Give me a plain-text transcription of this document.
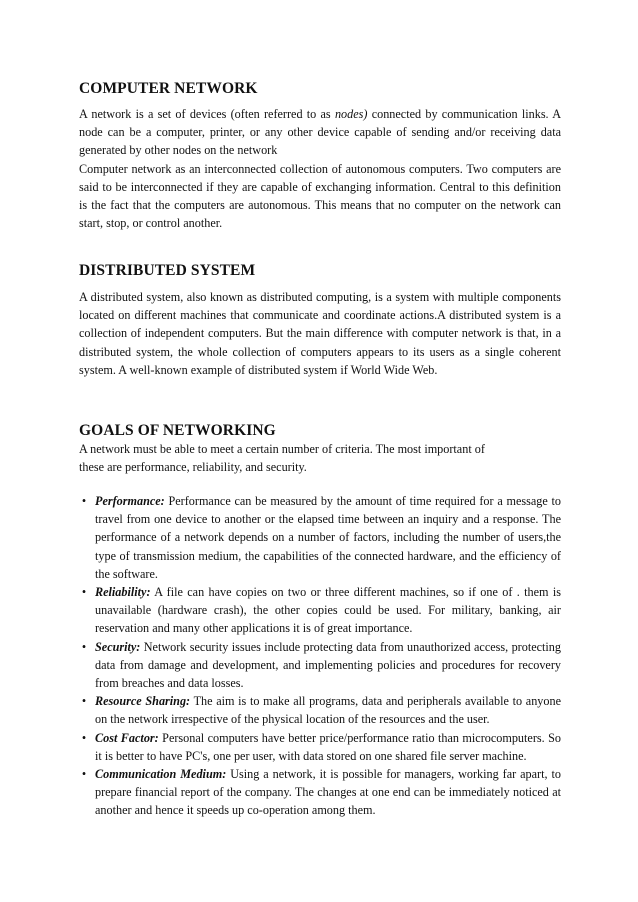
COMPUTER NETWORK

A network is a set of devices (often referred to as nodes) connected by communication links. A node can be a computer, printer, or any other device capable of sending and/or receiving data generated by other nodes on the network

Computer network as an interconnected collection of autonomous computers. Two computers are said to be interconnected if they are capable of exchanging information. Central to this definition is the fact that the computers are autonomous. This means that no computer on the network can start, stop, or control another.

DISTRIBUTED SYSTEM

A distributed system, also known as distributed computing, is a system with multiple components located on different machines that communicate and coordinate actions.A distributed system is a collection of independent computers. But the main difference with computer network is that, in a distributed system, the whole collection of computers appears to its users as a single coherent system. A well-known example of distributed system if World Wide Web.

GOALS OF NETWORKING

A network must be able to meet a certain number of criteria. The most important of

these are performance, reliability, and security.

• Performance: Performance can be measured by the amount of time required for a message to travel from one device to another or the elapsed time between an inquiry and a response. The performance of a network depends on a number of factors, including the number of users,the type of transmission medium, the capabilities of the connected hardware, and the efficiency of the software.
• Reliability: A file can have copies on two or three different machines, so if one of . them is unavailable (hardware crash), the other copies could be used. For military, banking, air reservation and many other applications it is of great importance.
• Security: Network security issues include protecting data from unauthorized access, protecting data from damage and development, and implementing policies and procedures for recovery from breaches and data losses.
• Resource Sharing: The aim is to make all programs, data and peripherals available to anyone on the network irrespective of the physical location of the resources and the user.
• Cost Factor: Personal computers have better price/performance ratio than microcomputers. So it is better to have PC's, one per user, with data stored on one shared file server machine.
• Communication Medium: Using a network, it is possible for managers, working far apart, to prepare financial report of the company. The changes at one end can be immediately noticed at another and hence it speeds up co-operation among them.
